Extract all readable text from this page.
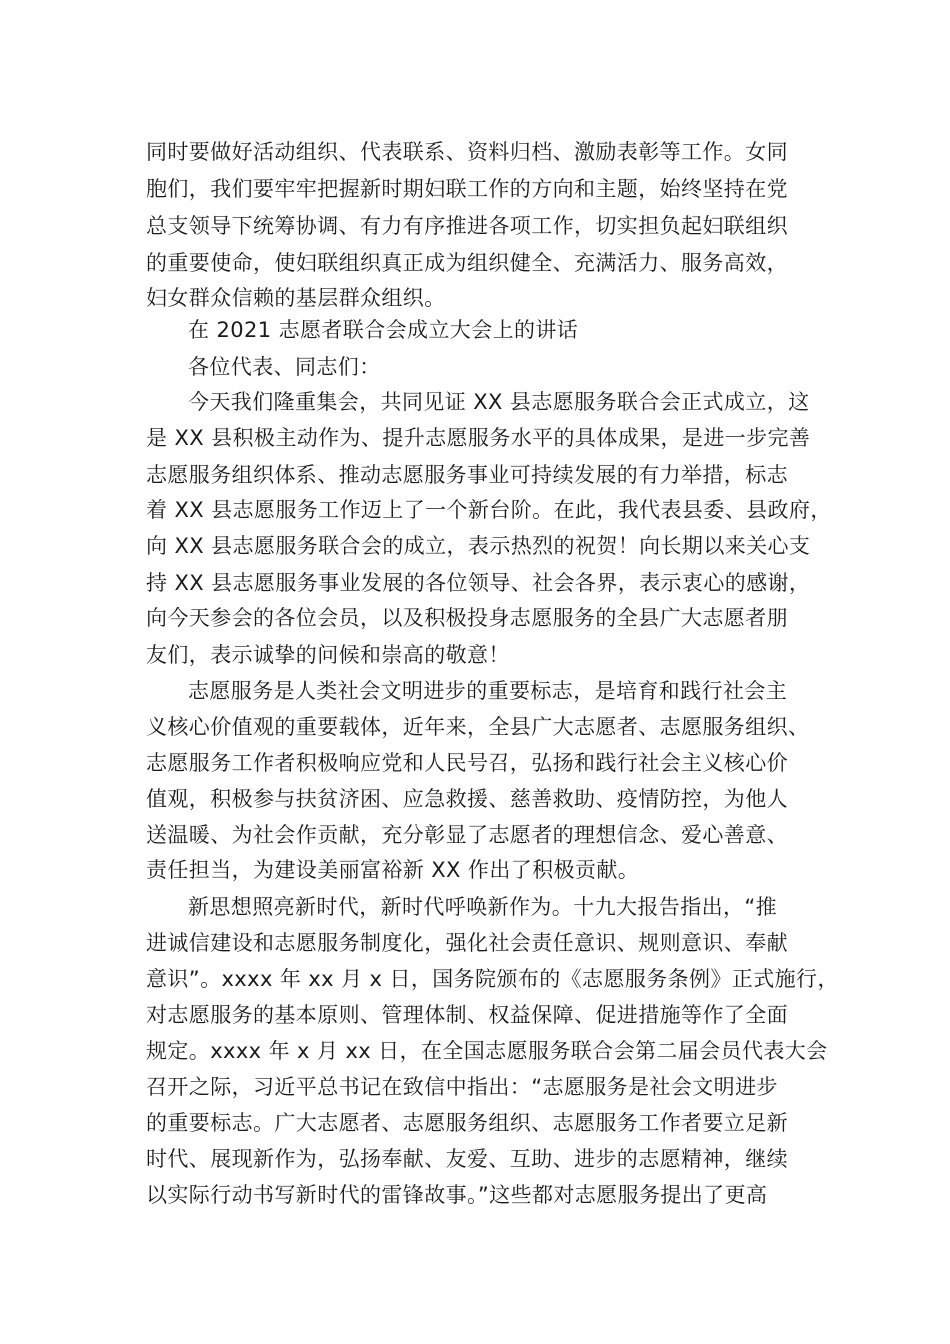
同时要做好活动组织、代表联系、资料归档、激励表彰等工作。女同
胞们，我们要牢牢把握新时期妇联工作的方向和主题，始终坚持在党
总支领导下统筹协调、有力有序推进各项工作，切实担负起妇联组织
的重要使命，使妇联组织真正成为组织健全、充满活力、服务高效，
妇女群众信赖的基层群众组织。
在 2021 志愿者联合会成立大会上的讲话
各位代表、同志们：
今天我们隆重集会，共同见证 XX 县志愿服务联合会正式成立，这
是 XX 县积极主动作为、提升志愿服务水平的具体成果，是进一步完善
志愿服务组织体系、推动志愿服务事业可持续发展的有力举措，标志
着 XX 县志愿服务工作迈上了一个新台阶。在此，我代表县委、县政府，
向 XX 县志愿服务联合会的成立，表示热烈的祝贺！向长期以来关心支
持 XX 县志愿服务事业发展的各位领导、社会各界，表示衷心的感谢，
向今天参会的各位会员，以及积极投身志愿服务的全县广大志愿者朋
友们，表示诚挚的问候和崇高的敬意！
志愿服务是人类社会文明进步的重要标志，是培育和践行社会主
义核心价值观的重要载体，近年来，全县广大志愿者、志愿服务组织、
志愿服务工作者积极响应党和人民号召，弘扬和践行社会主义核心价
值观，积极参与扶贫济困、应急救援、慈善救助、疫情防控，为他人
送温暖、为社会作贡献，充分彰显了志愿者的理想信念、爱心善意、
责任担当，为建设美丽富裕新 XX 作出了积极贡献。
新思想照亮新时代，新时代呼唤新作为。十九大报告指出，“推
进诚信建设和志愿服务制度化，强化社会责任意识、规则意识、奉献
意识”。xxxx 年 xx 月 x 日，国务院颁布的《志愿服务条例》正式施行，
对志愿服务的基本原则、管理体制、权益保障、促进措施等作了全面
规定。xxxx 年 x 月 xx 日，在全国志愿服务联合会第二届会员代表大会
召开之际，习近平总书记在致信中指出：“志愿服务是社会文明进步
的重要标志。广大志愿者、志愿服务组织、志愿服务工作者要立足新
时代、展现新作为，弘扬奉献、友爱、互助、进步的志愿精神，继续
以实际行动书写新时代的雷锋故事。”这些都对志愿服务提出了更高
